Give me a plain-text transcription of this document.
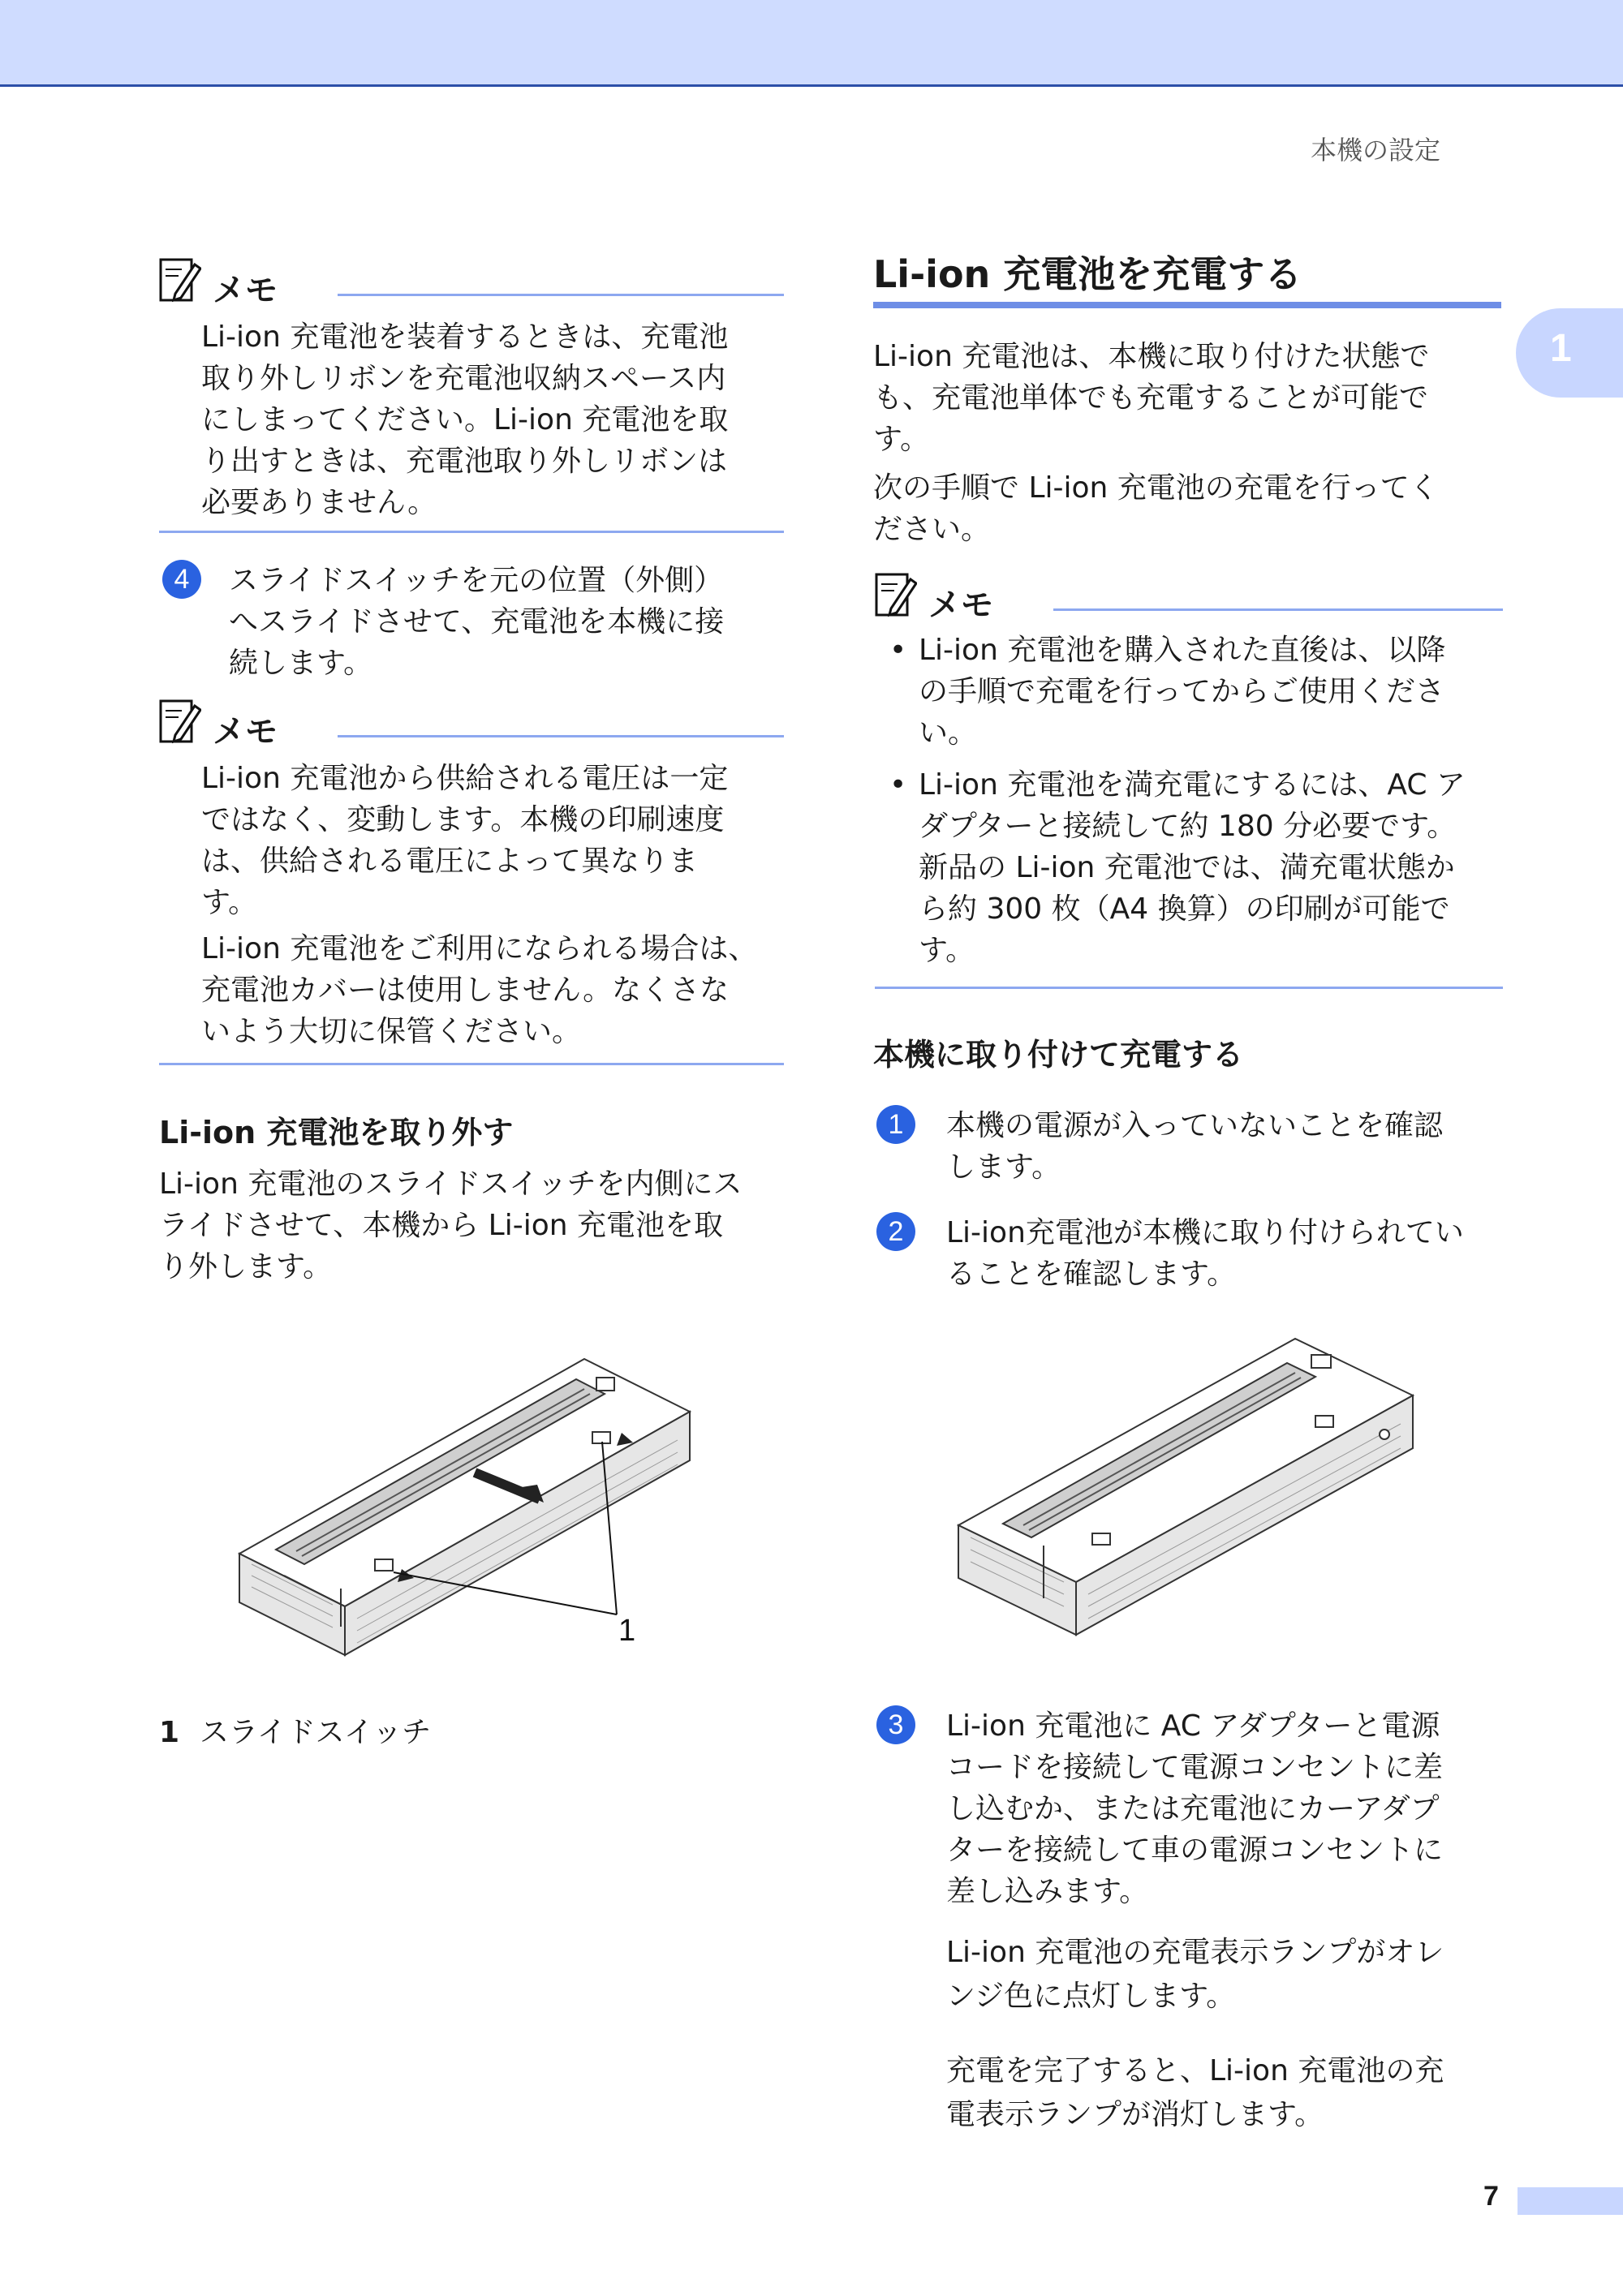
本機の設定
1
メモ
Li-ion 充電池を装着するときは、充電池
取り外しリボンを充電池収納スペース内
にしまってください。Li-ion 充電池を取
り出すときは、充電池取り外しリボンは
必要ありません。
4	スライドスイッチを元の位置（外側）
へスライドさせて、充電池を本機に接
続します。
メモ
Li-ion 充電池から供給される電圧は一定
ではなく、変動します。本機の印刷速度
は、供給される電圧によって異なりま
す。
Li-ion 充電池をご利用になられる場合は、
充電池カバーは使用しません。なくさな
いよう大切に保管ください。
Li-ion 充電池を取り外す
Li-ion 充電池のスライドスイッチを内側にス
ライドさせて、本機から Li-ion 充電池を取
り外します。
1
1 スライドスイッチ
Li-ion 充電池を充電する
Li-ion 充電池は、本機に取り付けた状態で
も、充電池単体でも充電することが可能で
す。
次の手順で Li-ion 充電池の充電を行ってく
ださい。
メモ
• Li-ion 充電池を購入された直後は、以降
の手順で充電を行ってからご使用くださ
い。
• Li-ion 充電池を満充電にするには、AC ア
ダプターと接続して約 180 分必要です。
新品の Li-ion 充電池では、満充電状態か
ら約 300 枚（A4 換算）の印刷が可能で
す。
本機に取り付けて充電する
1	本機の電源が入っていないことを確認
します。
2	Li-ion充電池が本機に取り付けられてい
ることを確認します。
3	Li-ion 充電池に AC アダプターと電源
コードを接続して電源コンセントに差
し込むか、または充電池にカーアダプ
ターを接続して車の電源コンセントに
差し込みます。
Li-ion 充電池の充電表示ランプがオレ
ンジ色に点灯します。
充電を完了すると、Li-ion 充電池の充
電表示ランプが消灯します。
7
